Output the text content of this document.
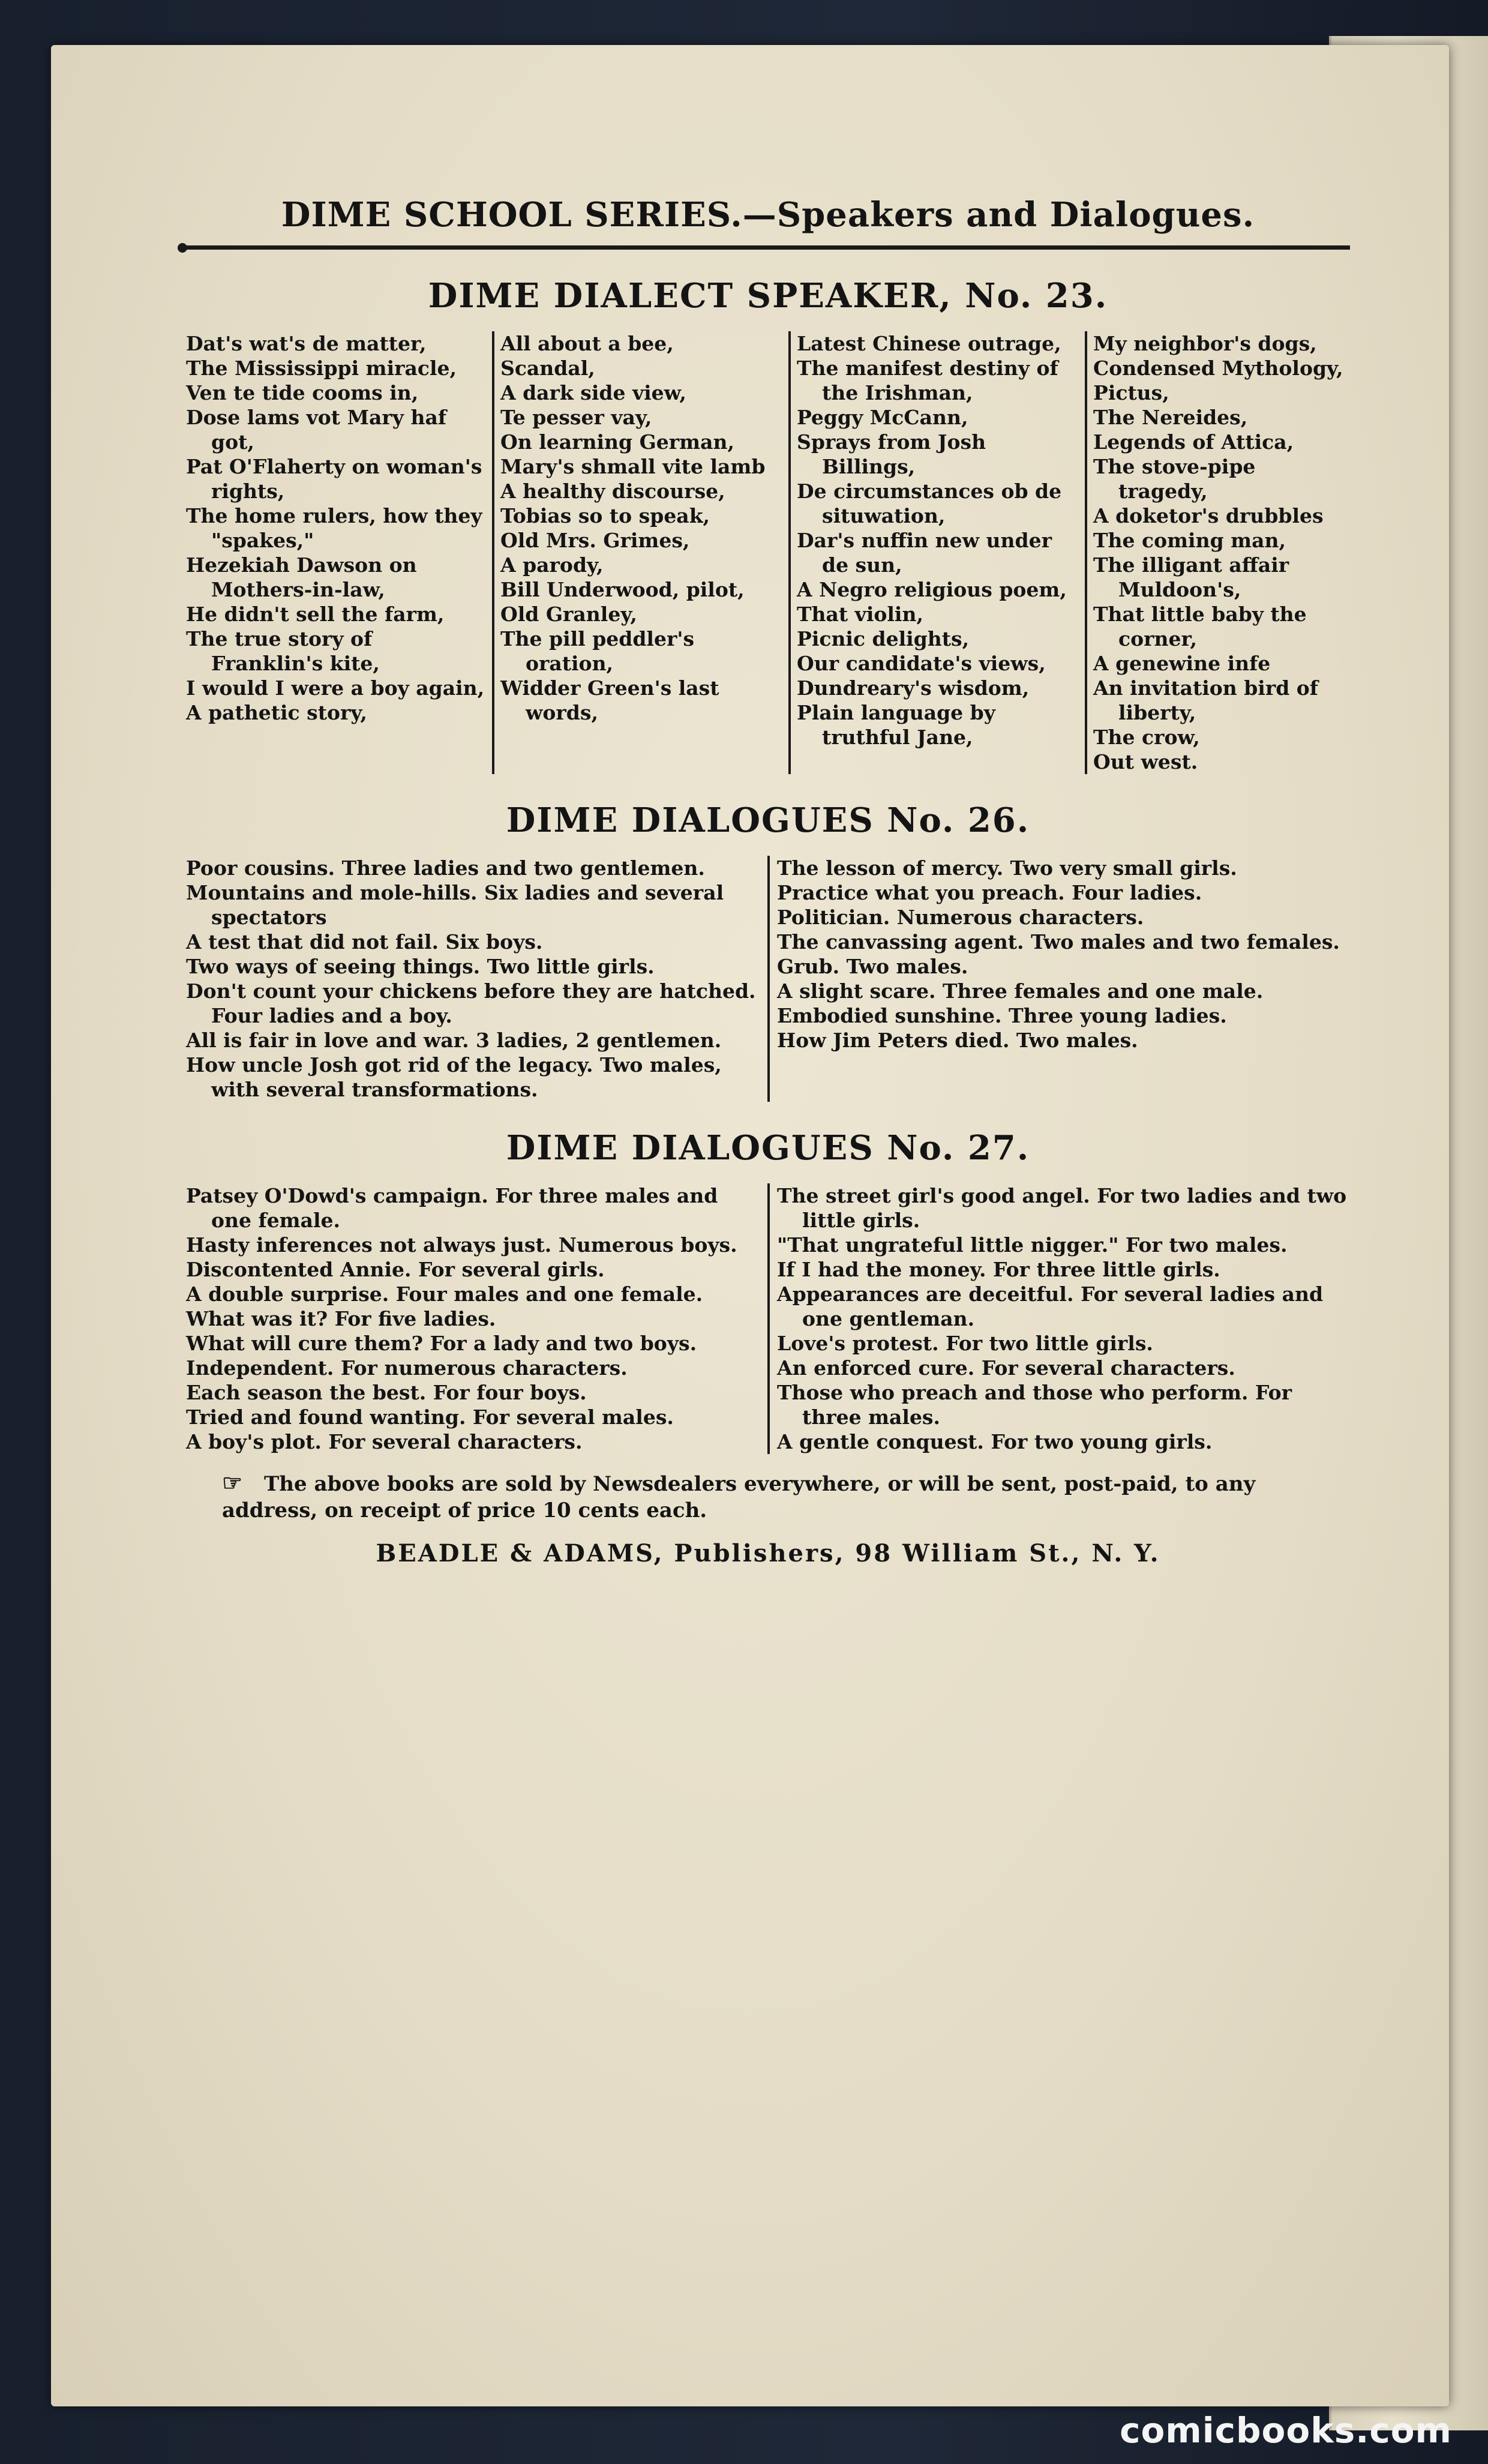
DIME SCHOOL SERIES.—Speakers and Dialogues.
DIME DIALECT SPEAKER, No. 23.
Dat's wat's de matter,
The Mississippi miracle,
Ven te tide cooms in,
Dose lams vot Mary haf got,
Pat O'Flaherty on woman's rights,
The home rulers, how they "spakes,"
Hezekiah Dawson on Mothers-in-law,
He didn't sell the farm,
The true story of Franklin's kite,
I would I were a boy again,
A pathetic story,
All about a bee,
Scandal,
A dark side view,
Te pesser vay,
On learning German,
Mary's shmall vite lamb
A healthy discourse,
Tobias so to speak,
Old Mrs. Grimes,
A parody,
Bill Underwood, pilot,
Old Granley,
The pill peddler's oration,
Widder Green's last words,
Latest Chinese outrage,
The manifest destiny of the Irishman,
Peggy McCann,
Sprays from Josh Billings,
De circumstances ob de situwation,
Dar's nuffin new under de sun,
A Negro religious poem,
That violin,
Picnic delights,
Our candidate's views,
Dundreary's wisdom,
Plain language by truthful Jane,
My neighbor's dogs,
Condensed Mythology,
Pictus,
The Nereides,
Legends of Attica,
The stove-pipe tragedy,
A doketor's drubbles
The coming man,
The illigant affair Muldoon's,
That little baby the corner,
A genewine infe
An invitation bird of liberty,
The crow,
Out west.
DIME DIALOGUES No. 26.
Poor cousins. Three ladies and two gentlemen.
Mountains and mole-hills. Six ladies and several spectators
A test that did not fail. Six boys.
Two ways of seeing things. Two little girls.
Don't count your chickens before they are hatched. Four ladies and a boy.
All is fair in love and war. 3 ladies, 2 gentlemen.
How uncle Josh got rid of the legacy. Two males, with several transformations.
The lesson of mercy. Two very small girls.
Practice what you preach. Four ladies.
Politician. Numerous characters.
The canvassing agent. Two males and two females.
Grub. Two males.
A slight scare. Three females and one male.
Embodied sunshine. Three young ladies.
How Jim Peters died. Two males.
DIME DIALOGUES No. 27.
Patsey O'Dowd's campaign. For three males and one female.
Hasty inferences not always just. Numerous boys.
Discontented Annie. For several girls.
A double surprise. Four males and one female.
What was it? For five ladies.
What will cure them? For a lady and two boys.
Independent. For numerous characters.
Each season the best. For four boys.
Tried and found wanting. For several males.
A boy's plot. For several characters.
The street girl's good angel. For two ladies and two little girls.
"That ungrateful little nigger." For two males.
If I had the money. For three little girls.
Appearances are deceitful. For several ladies and one gentleman.
Love's protest. For two little girls.
An enforced cure. For several characters.
Those who preach and those who perform. For three males.
A gentle conquest. For two young girls.
☞ The above books are sold by Newsdealers everywhere, or will be sent, post-paid, to any address, on receipt of price 10 cents each.
BEADLE & ADAMS, Publishers, 98 William St., N. Y.
comicbooks.com
